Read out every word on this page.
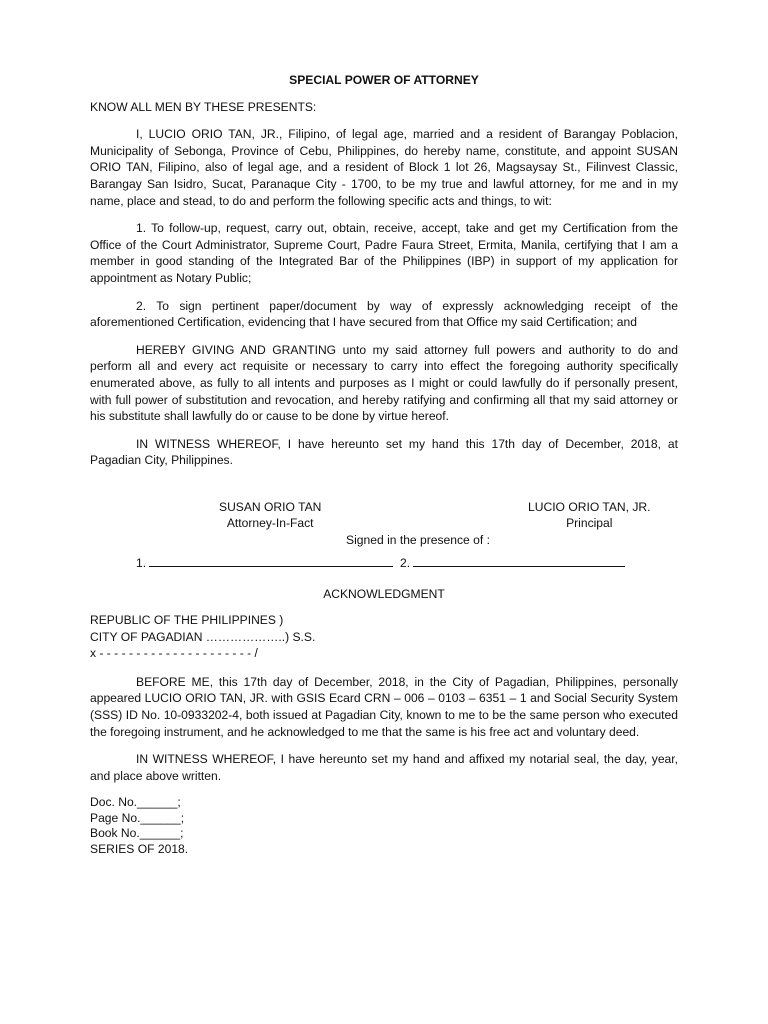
SPECIAL POWER OF ATTORNEY
KNOW ALL MEN BY THESE PRESENTS:

I, LUCIO ORIO TAN, JR., Filipino, of legal age, married and a resident of Barangay Poblacion, Municipality of Sebonga, Province of Cebu, Philippines, do hereby name, constitute, and appoint SUSAN ORIO TAN, Filipino, also of legal age, and a resident of Block 1 lot 26, Magsaysay St., Filinvest Classic, Barangay San Isidro, Sucat, Paranaque City - 1700, to be my true and lawful attorney, for me and in my name, place and stead, to do and perform the following specific acts and things, to wit:

1. To follow-up, request, carry out, obtain, receive, accept, take and get my Certification from the Office of the Court Administrator, Supreme Court, Padre Faura Street, Ermita, Manila, certifying that I am a member in good standing of the Integrated Bar of the Philippines (IBP) in support of my application for appointment as Notary Public;

2. To sign pertinent paper/document by way of expressly acknowledging receipt of the aforementioned Certification, evidencing that I have secured from that Office my said Certification; and

HEREBY GIVING AND GRANTING unto my said attorney full powers and authority to do and perform all and every act requisite or necessary to carry into effect the foregoing authority specifically enumerated above, as fully to all intents and purposes as I might or could lawfully do if personally present, with full power of substitution and revocation, and hereby ratifying and confirming all that my said attorney or his substitute shall lawfully do or cause to be done by virtue hereof.

IN WITNESS WHEREOF, I have hereunto set my hand this 17th day of December, 2018, at Pagadian City, Philippines.

SUSAN ORIO TAN
Attorney-In-Fact
LUCIO ORIO TAN, JR.
Principal
Signed in the presence of :
1.	2.
ACKNOWLEDGMENT
REPUBLIC OF THE PHILIPPINES )
CITY OF PAGADIAN ………………..) S.S.
x - - - - - - - - - - - - - - - - - - - - - /

BEFORE ME, this 17th day of December, 2018, in the City of Pagadian, Philippines, personally appeared LUCIO ORIO TAN, JR. with GSIS Ecard CRN – 006 – 0103 – 6351 – 1 and Social Security System (SSS) ID No. 10-0933202-4, both issued at Pagadian City, known to me to be the same person who executed the foregoing instrument, and he acknowledged to me that the same is his free act and voluntary deed.

IN WITNESS WHEREOF, I have hereunto set my hand and affixed my notarial seal, the day, year, and place above written.

Doc. No.______;
Page No.______;
Book No.______;
SERIES OF 2018.
